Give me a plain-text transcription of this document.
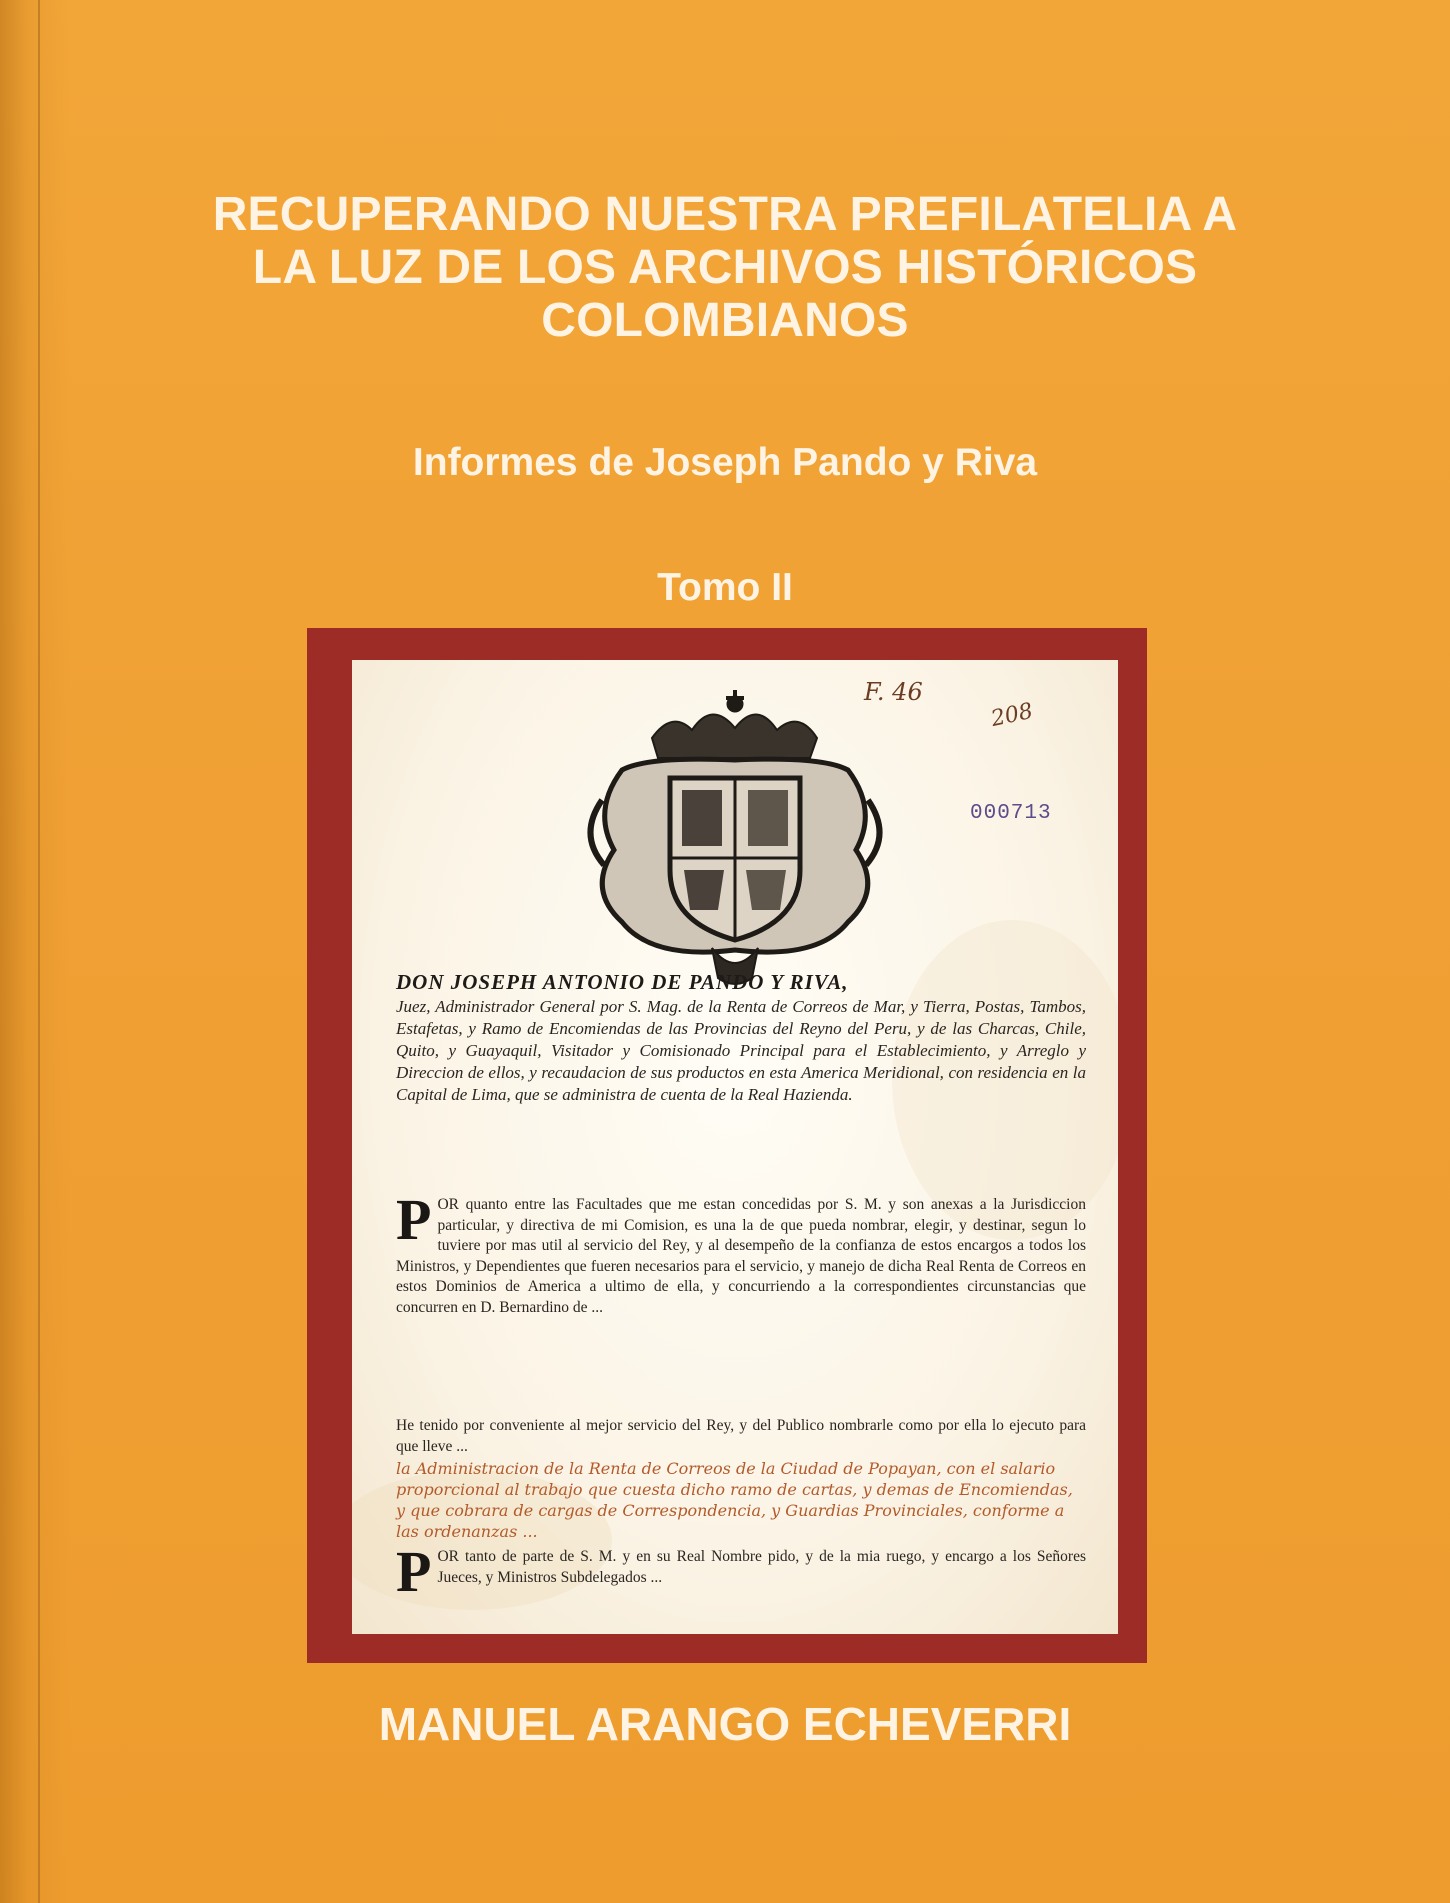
RECUPERANDO NUESTRA PREFILATELIA A
LA LUZ DE LOS ARCHIVOS HISTÓRICOS
COLOMBIANOS
Informes de Joseph Pando y Riva
Tomo II
F. 46
208
000713
DON JOSEPH ANTONIO DE PANDO Y RIVA,
Juez, Administrador General por S. Mag. de la Renta de Correos de Mar, y Tierra, Postas, Tambos, Estafetas, y Ramo de Encomiendas de las Provincias del Reyno del Peru, y de las Charcas, Chile, Quito, y Guayaquil, Visitador y Comisionado Principal para el Establecimiento, y Arreglo y Direccion de ellos, y recaudacion de sus productos en esta America Meridional, con residencia en la Capital de Lima, que se administra de cuenta de la Real Hazienda.
POR quanto entre las Facultades que me estan concedidas por S. M. y son anexas a la Jurisdiccion particular, y directiva de mi Comision, es una la de que pueda nombrar, elegir, y destinar, segun lo tuviere por mas util al servicio del Rey, y al desempeño de la confianza de estos encargos a todos los Ministros, y Dependientes que fueren necesarios para el servicio, y manejo de dicha Real Renta de Correos en estos Dominios de America a ultimo de ella, y concurriendo a la correspondientes circunstancias que concurren en D. Bernardino de ...
He tenido por conveniente al mejor servicio del Rey, y del Publico nombrarle como por ella lo ejecuto para que lleve ...
la Administracion de la Renta de Correos de la Ciudad de Popayan, con el salario proporcional al trabajo que cuesta dicho ramo de cartas, y demas de Encomiendas, y que cobrara de cargas de Correspondencia, y Guardias Provinciales, conforme a las ordenanzas ...
POR tanto de parte de S. M. y en su Real Nombre pido, y de la mia ruego, y encargo a los Señores Jueces, y Ministros Subdelegados ...
MANUEL ARANGO ECHEVERRI
